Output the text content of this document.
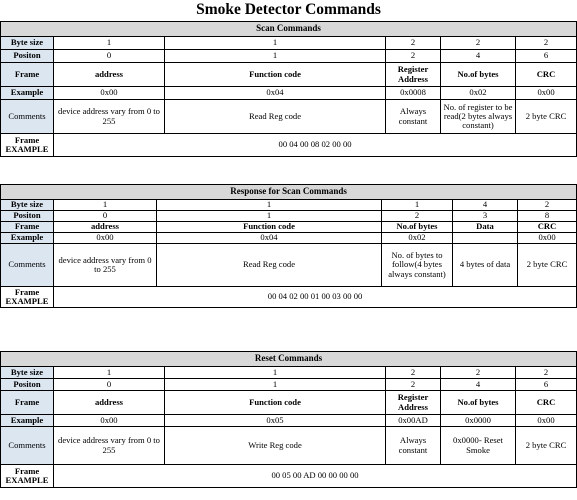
Smoke Detector Commands
Scan Commands					
Byte size	1	1	2	2	2
Positon	0	1	2	4	6
Frame	address	Function code	Register Address	No.of bytes	CRC
Example	0x00	0x04	0x0008	0x02	0x00
Comments	device address vary from 0 to 255	Read Reg code	Always constant	No. of register to be read(2 bytes always constant)	2 byte CRC
Frame EXAMPLE	00 04 00 08 02 00 00				
Response for Scan Commands					
Byte size	1	1	1	4	2
Positon	0	1	2	3	8
Frame	address	Function code	No.of bytes	Data	CRC
Example	0x00	0x04	0x02		0x00
Comments	device address vary from 0 to 255	Read Reg code	No. of bytes to follow(4 bytes always constant)	4 bytes of data	2 byte CRC
Frame EXAMPLE	00 04 02 00 01 00 03 00 00				
Reset Commands					
Byte size	1	1	2	2	2
Positon	0	1	2	4	6
Frame	address	Function code	Register Address	No.of bytes	CRC
Example	0x00	0x05	0x00AD	0x0000	0x00
Comments	device address vary from 0 to 255	Write Reg code	Always constant	0x0000- Reset Smoke	2 byte CRC
Frame EXAMPLE	00 05 00 AD 00 00 00 00				
